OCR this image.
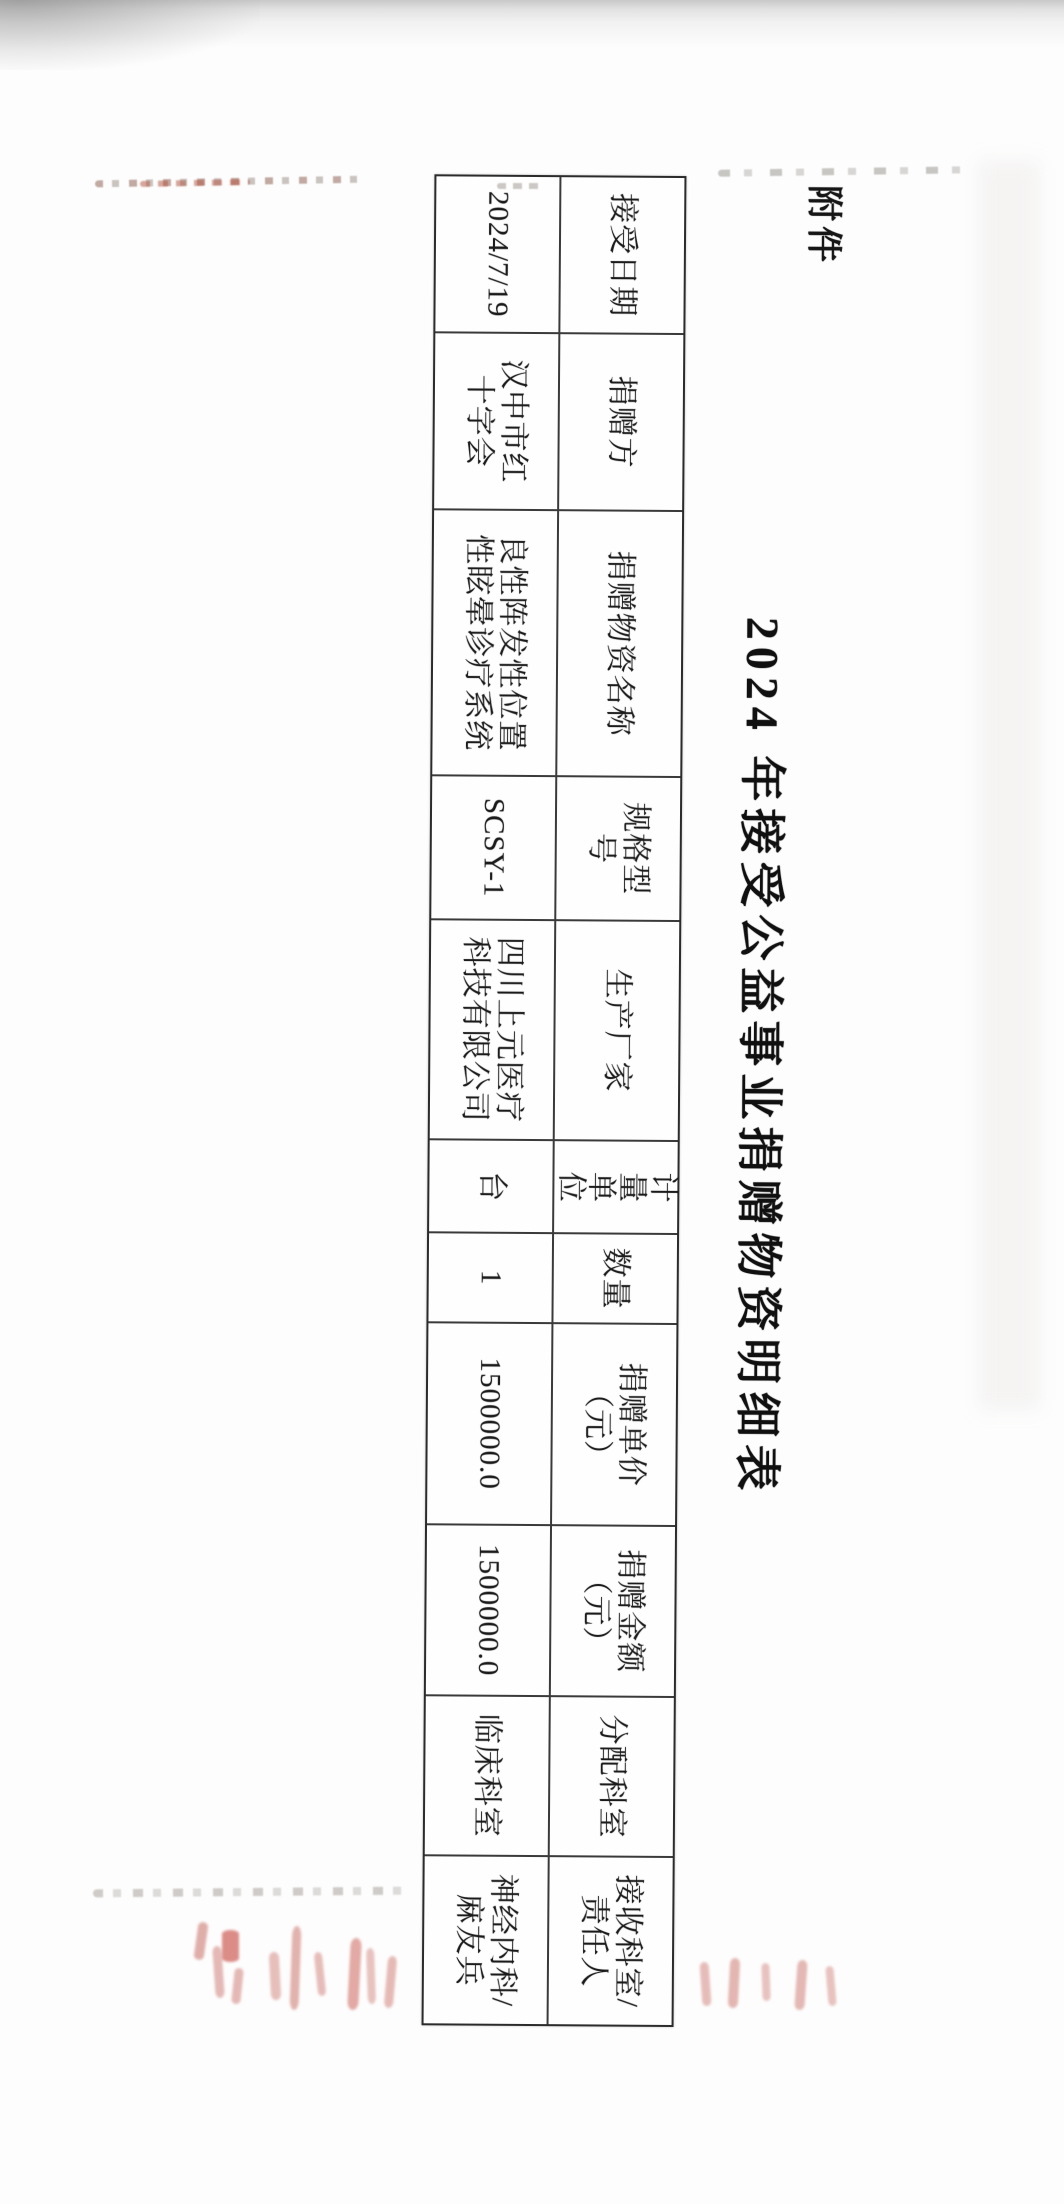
附件
2024 年接受公益事业捐赠物资明细表
接受日期
捐赠方
捐赠物资名称
规格型
号
生产厂家
计
量
单
位
数量
捐赠单价
（元）
捐赠金额
（元）
分配科室
接收科室/
责任人
2024/7/19
汉中市红
十字会
良性阵发性位置
性眩晕诊疗系统
SCSY-1
四川上元医疗
科技有限公司
台
1
1500000.0
1500000.0
临床科室
神经内科/
麻友兵
